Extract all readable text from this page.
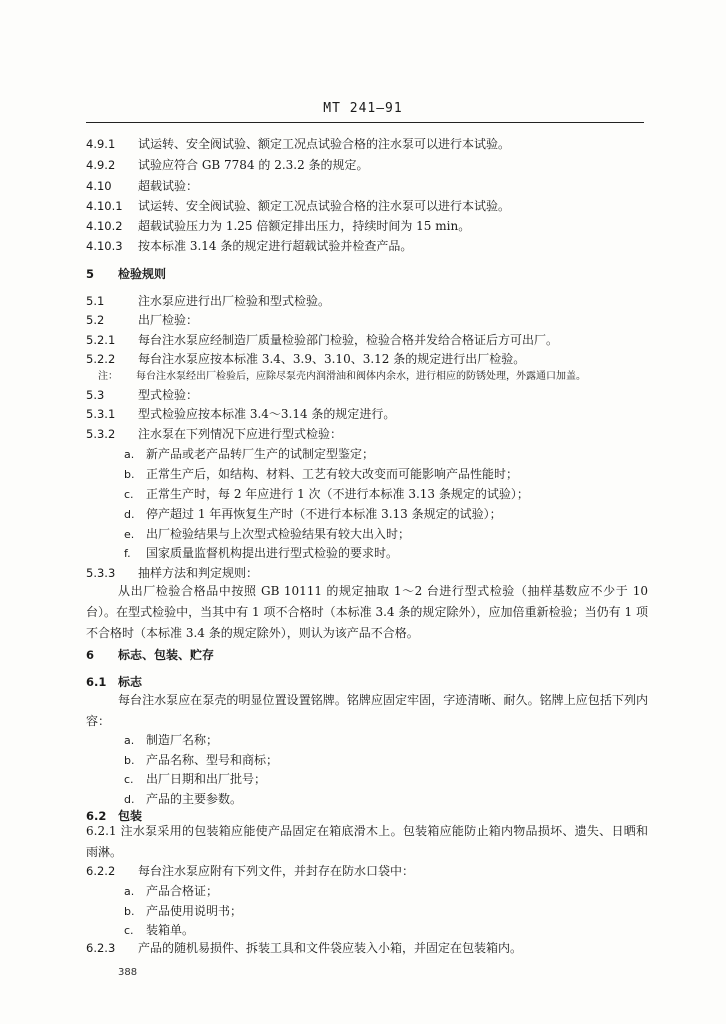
MT 241—91
4.9.1 试运转、安全阀试验、额定工况点试验合格的注水泵可以进行本试验。
4.9.2 试验应符合 GB 7784 的 2.3.2 条的规定。
4.10 超载试验：
4.10.1 试运转、安全阀试验、额定工况点试验合格的注水泵可以进行本试验。
4.10.2 超载试验压力为 1.25 倍额定排出压力，持续时间为 15 min。
4.10.3 按本标准 3.14 条的规定进行超载试验并检查产品。
5 检验规则
5.1	注水泵应进行出厂检验和型式检验。
5.2	出厂检验：
5.2.1 每台注水泵应经制造厂质量检验部门检验，检验合格并发给合格证后方可出厂。
5.2.2 每台注水泵应按本标准 3.4、3.9、3.10、3.12 条的规定进行出厂检验。
注： 每台注水泵经出厂检验后，应除尽泵壳内润滑油和阀体内余水，进行相应的防锈处理，外露通口加盖。
5.3	型式检验：
5.3.1 型式检验应按本标准 3.4～3.14 条的规定进行。
5.3.2 注水泵在下列情况下应进行型式检验：
a. 新产品或老产品转厂生产的试制定型鉴定；
b. 正常生产后，如结构、材料、工艺有较大改变而可能影响产品性能时；
c. 正常生产时，每 2 年应进行 1 次（不进行本标准 3.13 条规定的试验）；
d. 停产超过 1 年再恢复生产时（不进行本标准 3.13 条规定的试验）；
e. 出厂检验结果与上次型式检验结果有较大出入时；
f. 国家质量监督机构提出进行型式检验的要求时。
5.3.3 抽样方法和判定规则：
从出厂检验合格品中按照 GB 10111 的规定抽取 1～2 台进行型式检验（抽样基数应不少于 10 台）。在型式检验中，当其中有 1 项不合格时（本标准 3.4 条的规定除外），应加倍重新检验；当仍有 1 项不合格时（本标准 3.4 条的规定除外），则认为该产品不合格。
6 标志、包装、贮存
6.1 标志
每台注水泵应在泵壳的明显位置设置铭牌。铭牌应固定牢固，字迹清晰、耐久。铭牌上应包括下列内容：
a. 制造厂名称；
b. 产品名称、型号和商标；
c. 出厂日期和出厂批号；
d. 产品的主要参数。
6.2 包装
6.2.1 注水泵采用的包装箱应能使产品固定在箱底滑木上。包装箱应能防止箱内物品损坏、遗失、日晒和雨淋。
6.2.2 每台注水泵应附有下列文件，并封存在防水口袋中：
a. 产品合格证；
b. 产品使用说明书；
c. 装箱单。
6.2.3 产品的随机易损件、拆装工具和文件袋应装入小箱，并固定在包装箱内。
388
